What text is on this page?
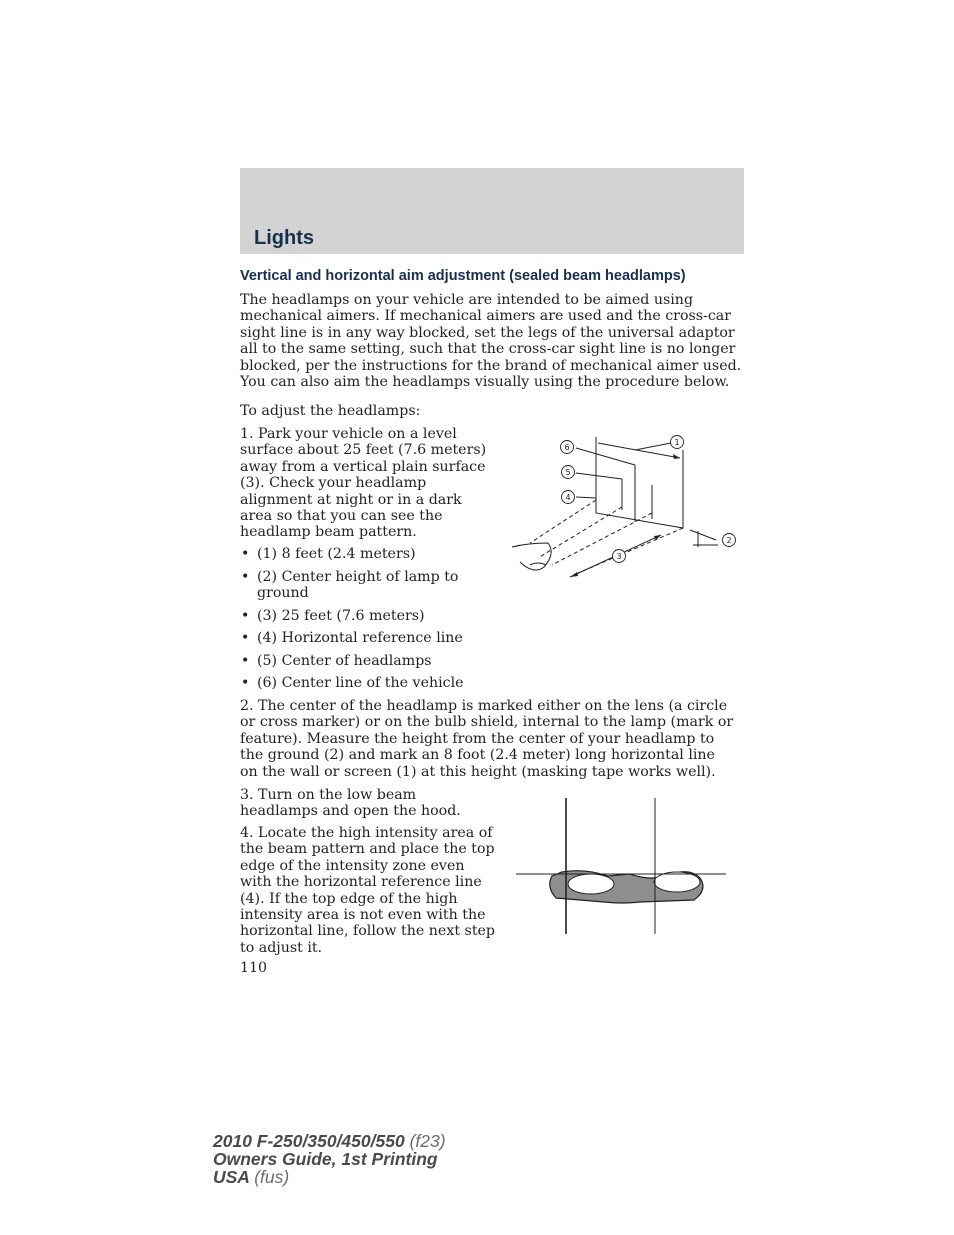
Lights
Vertical and horizontal aim adjustment (sealed beam headlamps)

The headlamps on your vehicle are intended to be aimed using mechanical aimers. If mechanical aimers are used and the cross-car sight line is in any way blocked, set the legs of the universal adaptor all to the same setting, such that the cross-car sight line is no longer blocked, per the instructions for the brand of mechanical aimer used. You can also aim the headlamps visually using the procedure below.

To adjust the headlamps:

1. Park your vehicle on a level surface about 25 feet (7.6 meters) away from a vertical plain surface (3). Check your headlamp alignment at night or in a dark area so that you can see the headlamp beam pattern.

• (1) 8 feet (2.4 meters)
• (2) Center height of lamp to ground
• (3) 25 feet (7.6 meters)
• (4) Horizontal reference line
• (5) Center of headlamps
• (6) Center line of the vehicle
1
2
3
4
5
6

2. The center of the headlamp is marked either on the lens (a circle or cross marker) or on the bulb shield, internal to the lamp (mark or feature). Measure the height from the center of your headlamp to the ground (2) and mark an 8 foot (2.4 meter) long horizontal line on the wall or screen (1) at this height (masking tape works well).

3. Turn on the low beam headlamps and open the hood.

4. Locate the high intensity area of the beam pattern and place the top edge of the intensity zone even with the horizontal reference line (4). If the top edge of the high intensity area is not even with the horizontal line, follow the next step to adjust it.

110

2010 F-250/350/450/550 (f23)
Owners Guide, 1st Printing
USA (fus)
